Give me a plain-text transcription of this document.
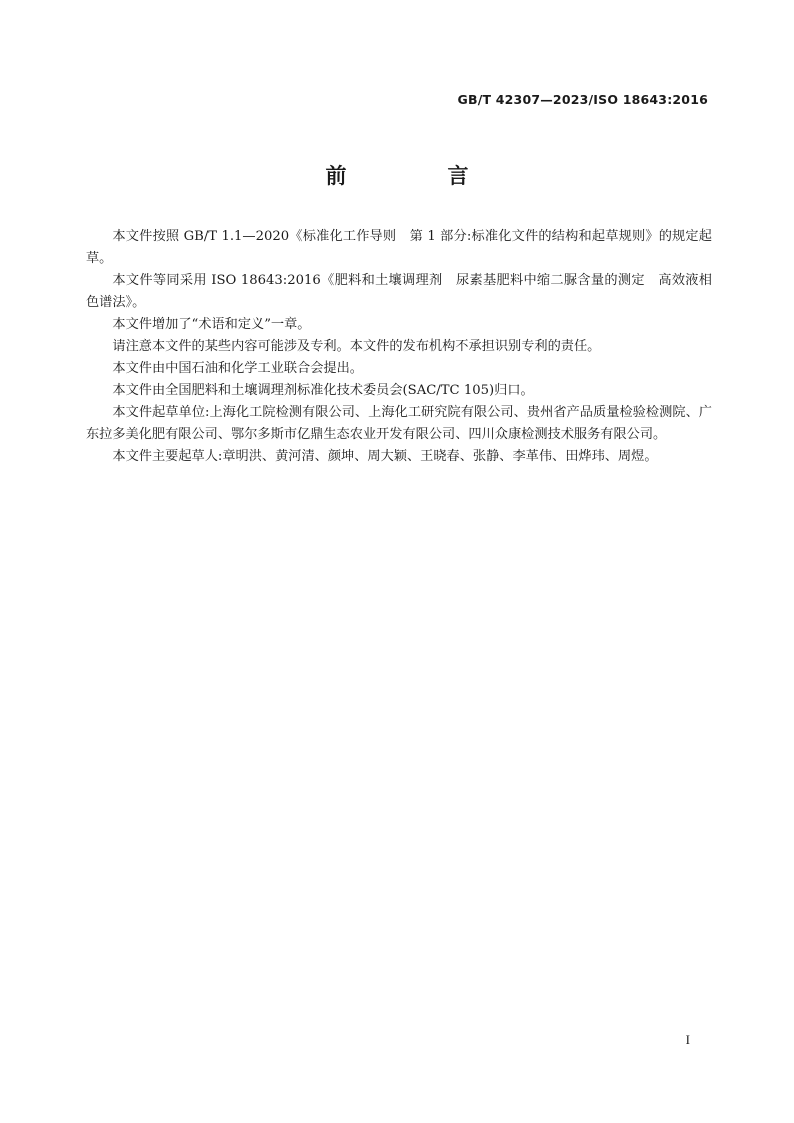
GB/T 42307—2023/ISO 18643:2016
前　言

本文件按照 GB/T 1.1—2020《标准化工作导则　第 1 部分:标准化文件的结构和起草规则》的规定起草。

本文件等同采用 ISO 18643:2016《肥料和土壤调理剂　尿素基肥料中缩二脲含量的测定　高效液相色谱法》。

本文件增加了“术语和定义”一章。

请注意本文件的某些内容可能涉及专利。本文件的发布机构不承担识别专利的责任。

本文件由中国石油和化学工业联合会提出。

本文件由全国肥料和土壤调理剂标准化技术委员会(SAC/TC 105)归口。

本文件起草单位:上海化工院检测有限公司、上海化工研究院有限公司、贵州省产品质量检验检测院、广东拉多美化肥有限公司、鄂尔多斯市亿鼎生态农业开发有限公司、四川众康检测技术服务有限公司。

本文件主要起草人:章明洪、黄河清、颜坤、周大颖、王晓春、张静、李革伟、田烨玮、周煜。

I
